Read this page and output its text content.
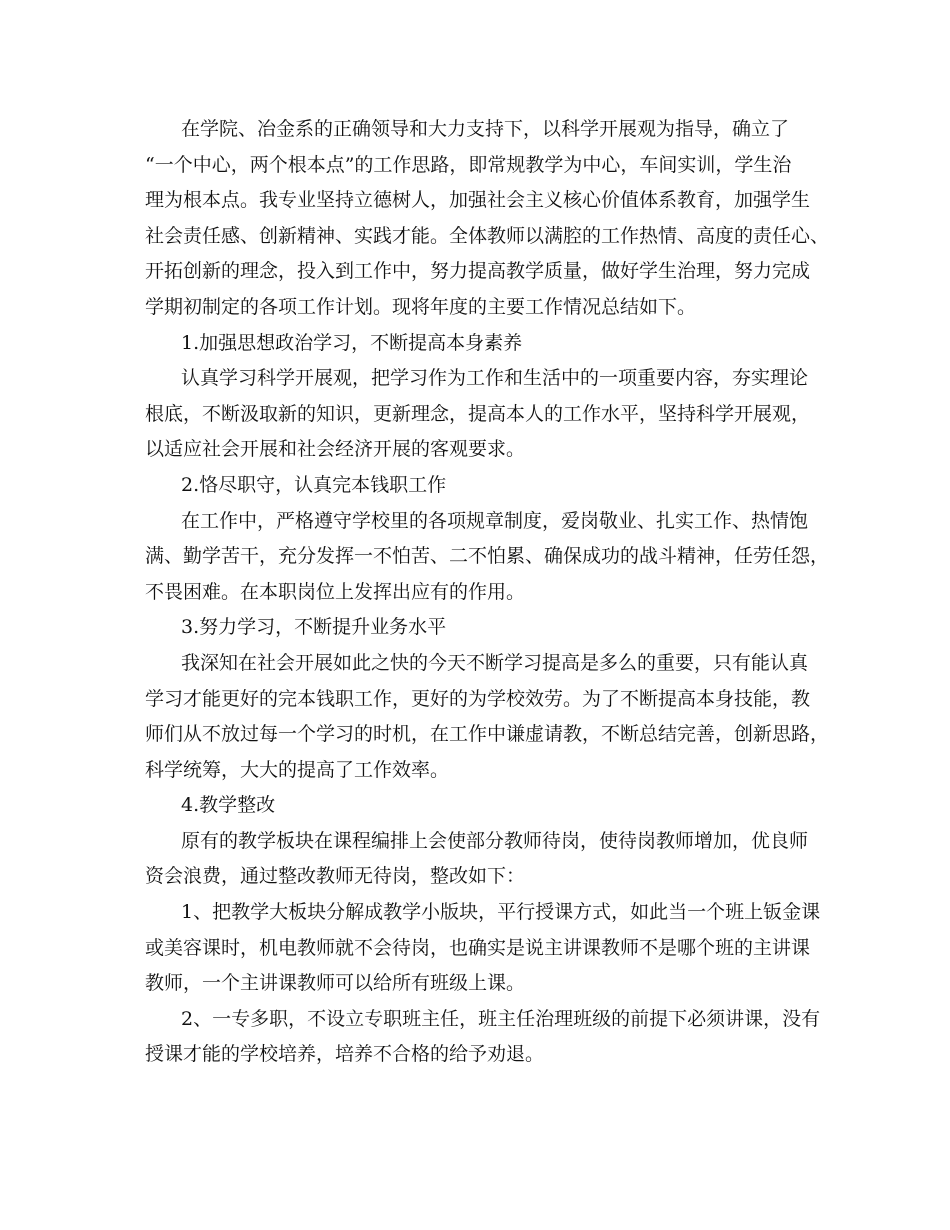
在学院、冶金系的正确领导和大力支持下，以科学开展观为指导，确立了
“一个中心，两个根本点”的工作思路，即常规教学为中心，车间实训，学生治
理为根本点。我专业坚持立德树人，加强社会主义核心价值体系教育，加强学生
社会责任感、创新精神、实践才能。全体教师以满腔的工作热情、高度的责任心、
开拓创新的理念，投入到工作中，努力提高教学质量，做好学生治理，努力完成
学期初制定的各项工作计划。现将年度的主要工作情况总结如下。
1.加强思想政治学习，不断提高本身素养
认真学习科学开展观，把学习作为工作和生活中的一项重要内容，夯实理论
根底，不断汲取新的知识，更新理念，提高本人的工作水平，坚持科学开展观，
以适应社会开展和社会经济开展的客观要求。
2.恪尽职守，认真完本钱职工作
在工作中，严格遵守学校里的各项规章制度，爱岗敬业、扎实工作、热情饱
满、勤学苦干，充分发挥一不怕苦、二不怕累、确保成功的战斗精神，任劳任怨，
不畏困难。在本职岗位上发挥出应有的作用。
3.努力学习，不断提升业务水平
我深知在社会开展如此之快的今天不断学习提高是多么的重要，只有能认真
学习才能更好的完本钱职工作，更好的为学校效劳。为了不断提高本身技能，教
师们从不放过每一个学习的时机，在工作中谦虚请教，不断总结完善，创新思路，
科学统筹，大大的提高了工作效率。
4.教学整改
原有的教学板块在课程编排上会使部分教师待岗，使待岗教师增加，优良师
资会浪费，通过整改教师无待岗，整改如下：
1、把教学大板块分解成教学小版块，平行授课方式，如此当一个班上钣金课
或美容课时，机电教师就不会待岗，也确实是说主讲课教师不是哪个班的主讲课
教师，一个主讲课教师可以给所有班级上课。
2、一专多职，不设立专职班主任，班主任治理班级的前提下必须讲课，没有
授课才能的学校培养，培养不合格的给予劝退。
